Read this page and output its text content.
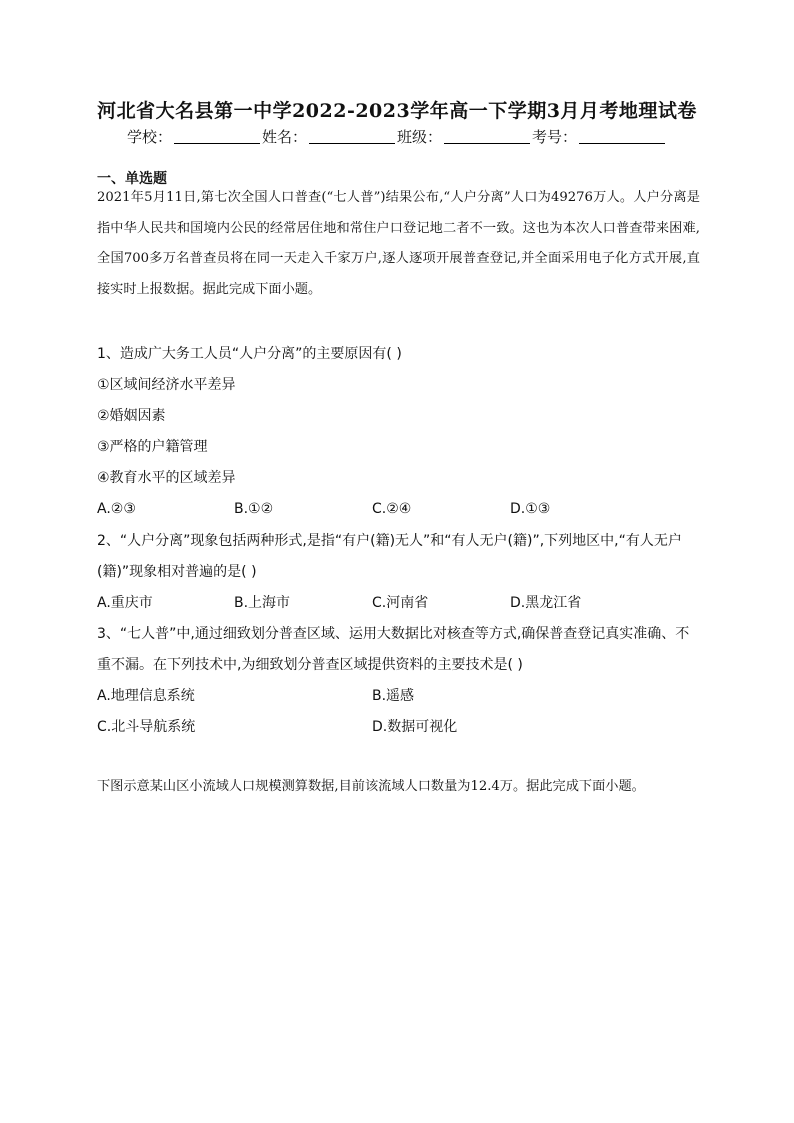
河北省大名县第一中学2022-2023学年高一下学期3月月考地理试卷
学校：	姓名：	班级：	考号：
一、单选题
2021年5月11日,第七次全国人口普查(“七人普”)结果公布,“人户分离”人口为49276万人。人户分离是指中华人民共和国境内公民的经常居住地和常住户口登记地二者不一致。这也为本次人口普查带来困难,全国700多万名普查员将在同一天走入千家万户,逐人逐项开展普查登记,并全面采用电子化方式开展,直接实时上报数据。据此完成下面小题。
1、造成广大务工人员“人户分离”的主要原因有( )
①区域间经济水平差异
②婚姻因素
③严格的户籍管理
④教育水平的区域差异
A.②③	B.①②	C.②④	D.①③
2、“人户分离”现象包括两种形式,是指“有户(籍)无人”和“有人无户(籍)”,下列地区中,“有人无户(籍)”现象相对普遍的是( )
A.重庆市	B.上海市	C.河南省	D.黑龙江省
3、“七人普”中,通过细致划分普查区域、运用大数据比对核查等方式,确保普查登记真实准确、不重不漏。在下列技术中,为细致划分普查区域提供资料的主要技术是( )
A.地理信息系统	B.遥感
C.北斗导航系统	D.数据可视化
下图示意某山区小流域人口规模测算数据,目前该流域人口数量为12.4万。据此完成下面小题。
